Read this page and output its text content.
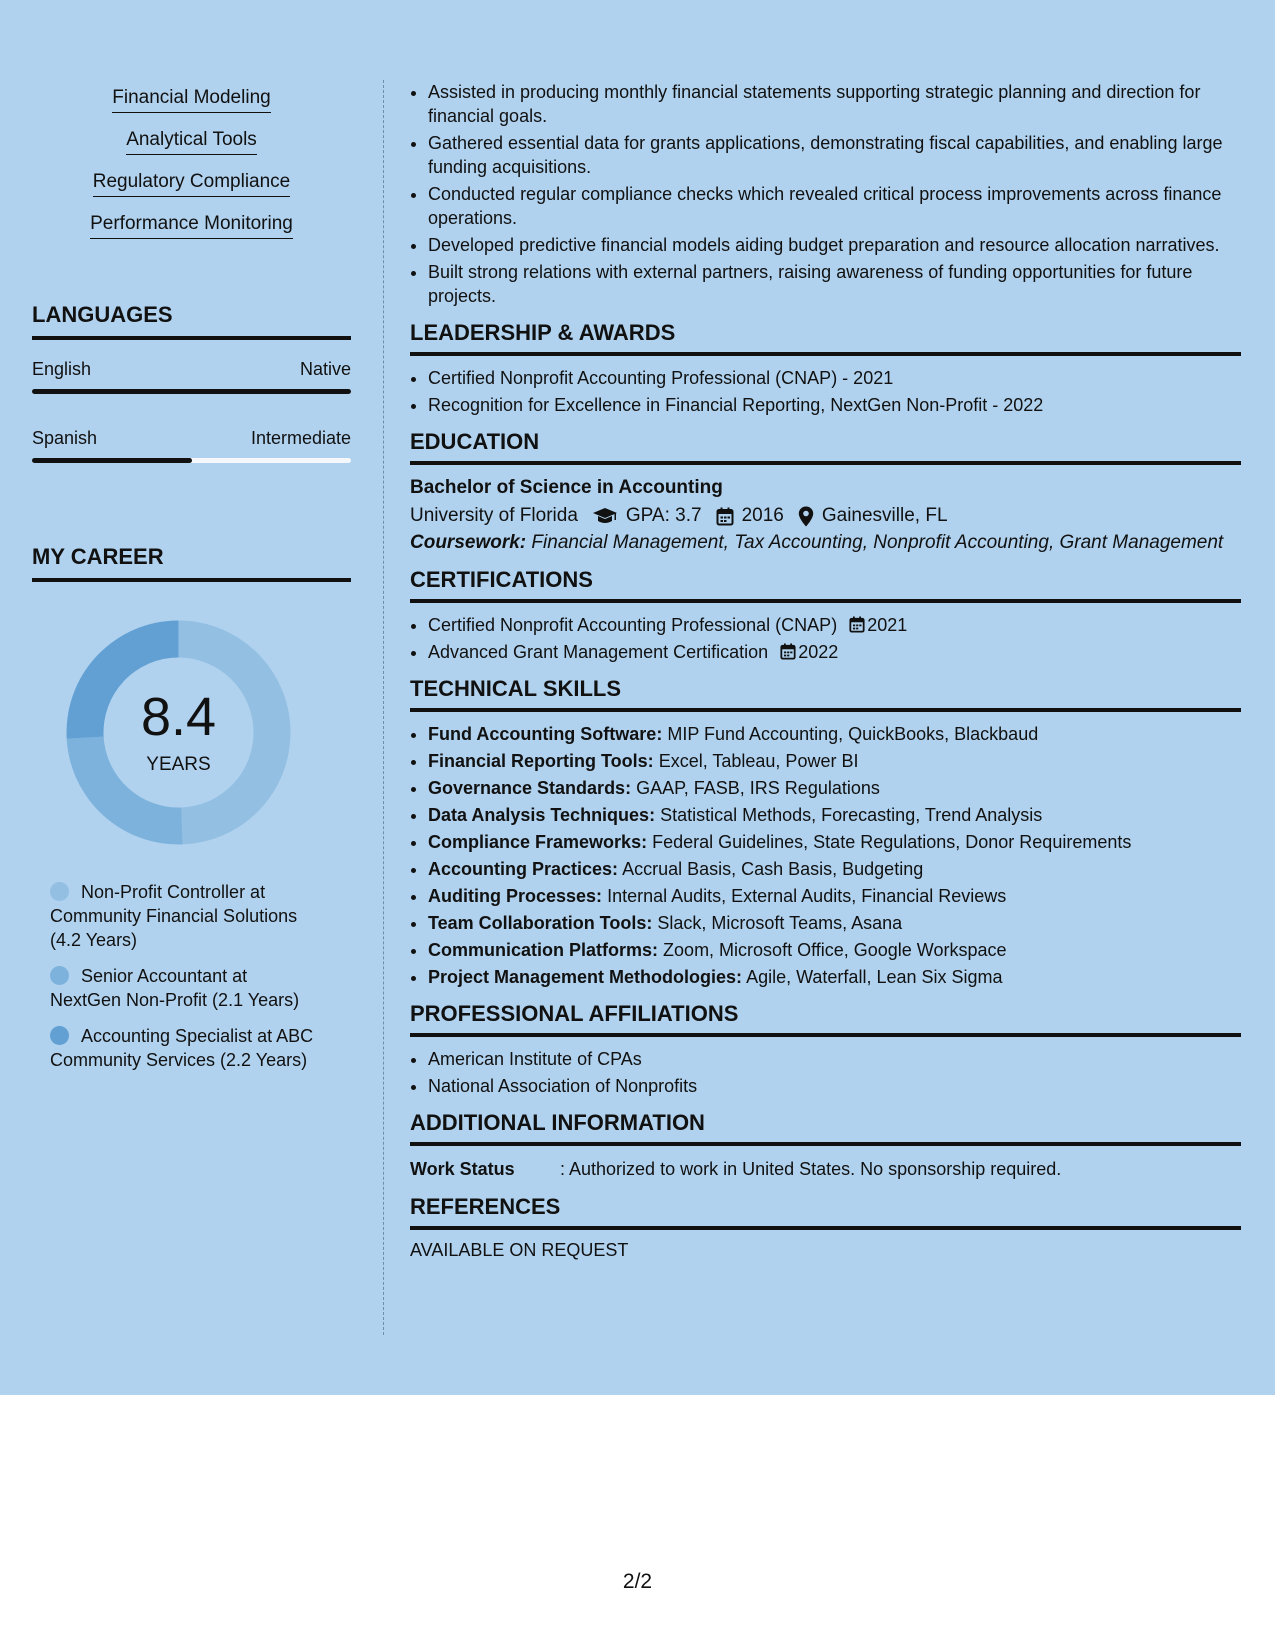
Financial Modeling
Analytical Tools
Regulatory Compliance
Performance Monitoring
LANGUAGES
English	Native
Spanish	Intermediate
MY CAREER
8.4
YEARS
Non-Profit Controller at Community Financial Solutions (4.2 Years)
Senior Accountant at NextGen Non-Profit (2.1 Years)
Accounting Specialist at ABC Community Services (2.2 Years)
• Assisted in producing monthly financial statements supporting strategic planning and direction for financial goals.
• Gathered essential data for grants applications, demonstrating fiscal capabilities, and enabling large funding acquisitions.
• Conducted regular compliance checks which revealed critical process improvements across finance operations.
• Developed predictive financial models aiding budget preparation and resource allocation narratives.
• Built strong relations with external partners, raising awareness of funding opportunities for future projects.
LEADERSHIP & AWARDS
• Certified Nonprofit Accounting Professional (CNAP) - 2021
• Recognition for Excellence in Financial Reporting, NextGen Non-Profit - 2022
EDUCATION
Bachelor of Science in Accounting
University of Florida	GPA: 3.7 2016 Gainesville, FL
Coursework: Financial Management, Tax Accounting, Nonprofit Accounting, Grant Management
CERTIFICATIONS
• Certified Nonprofit Accounting Professional (CNAP) 2021
• Advanced Grant Management Certification 2022
TECHNICAL SKILLS
• Fund Accounting Software: MIP Fund Accounting, QuickBooks, Blackbaud
• Financial Reporting Tools: Excel, Tableau, Power BI
• Governance Standards: GAAP, FASB, IRS Regulations
• Data Analysis Techniques: Statistical Methods, Forecasting, Trend Analysis
• Compliance Frameworks: Federal Guidelines, State Regulations, Donor Requirements
• Accounting Practices: Accrual Basis, Cash Basis, Budgeting
• Auditing Processes: Internal Audits, External Audits, Financial Reviews
• Team Collaboration Tools: Slack, Microsoft Teams, Asana
• Communication Platforms: Zoom, Microsoft Office, Google Workspace
• Project Management Methodologies: Agile, Waterfall, Lean Six Sigma
PROFESSIONAL AFFILIATIONS
• American Institute of CPAs
• National Association of Nonprofits
ADDITIONAL INFORMATION
Work Status	: Authorized to work in United States. No sponsorship required.
REFERENCES
AVAILABLE ON REQUEST
2/2
